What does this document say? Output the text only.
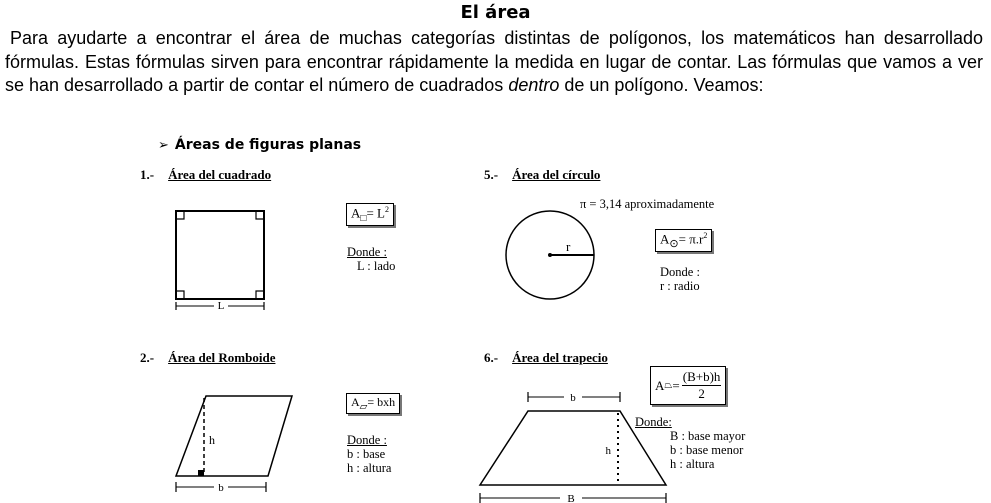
El área

Para ayudarte a encontrar el área de muchas categorías distintas de polígonos, los matemáticos han desarrollado fórmulas. Estas fórmulas sirven para encontrar rápidamente la medida en lugar de contar. Las fórmulas que vamos a ver se han desarrollado a partir de contar el número de cuadrados dentro de un polígono. Veamos:

➢ Áreas de figuras planas
1.- Área del cuadrado
L
$A_□= L^2$
Donde :
L : lado
5.- Área del círculo
π = 3,14 aproximadamente
r
$A_⊙= \pi.r^2$
Donde :
r : radio
2.- Área del Romboide
h
b
$A_▱=$ bxh
Donde :
b : base
h : altura
6.- Área del trapecio
A ⏢ = $\frac{(B+b)h}{2}$
b
h
B
Donde:
B : base mayor
b : base menor
h : altura
